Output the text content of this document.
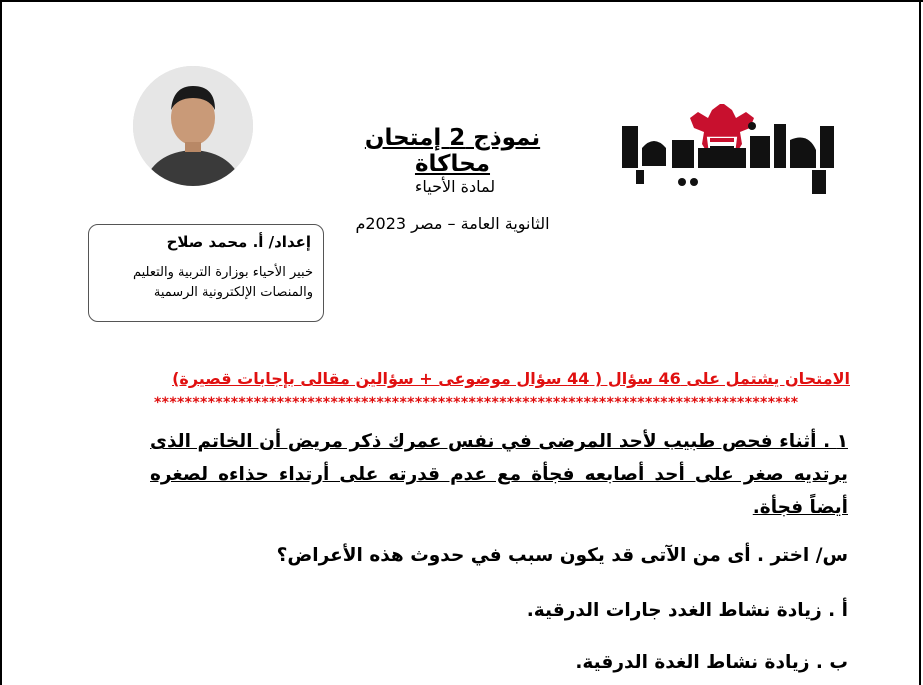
نموذج 2 إمتحان محاكاة
لمادة الأحياء
الثانوية العامة – مصر 2023م
إعداد/ أ. محمد صلاح
خبير الأحياء بوزارة التربية والتعليم
والمنصات الإلكترونية الرسمية
الامتحان يشتمل على 46 سؤال ( 44 سؤال موضوعى + سؤالين مقالى بإجابات قصيرة)
************************************************************************************
١ . أثناء فحص طبيب لأحد المرضى في نفس عمرك ذكر مريض أن الخاتم الذى يرتديه صغر على أحد أصابعه فجأة مع عدم قدرته على أرتداء حذاءه لصغره أيضاً فجأة.
س/ اختر . أى من الآتى قد يكون سبب في حدوث هذه الأعراض؟
أ . زيادة نشاط الغدد جارات الدرقية.
ب . زيادة نشاط الغدة الدرقية.
